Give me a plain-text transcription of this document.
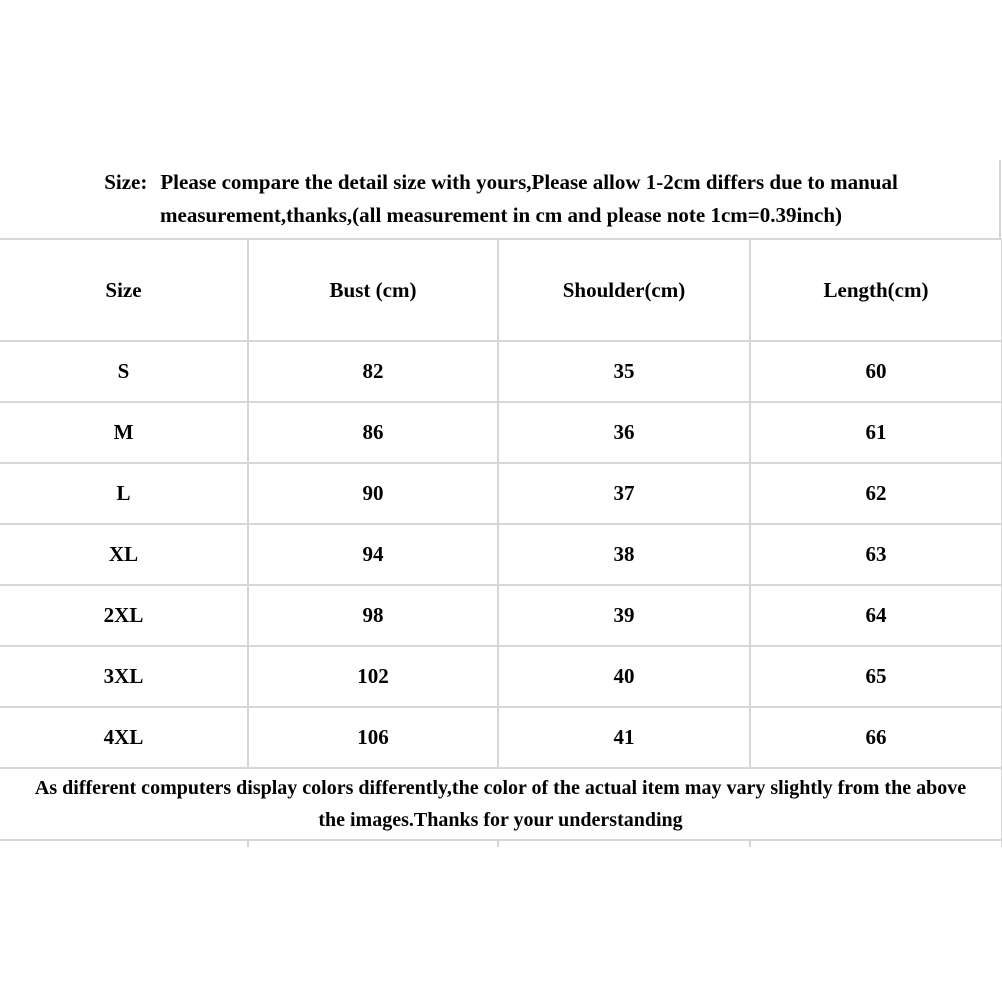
Size: Please compare the detail size with yours,Please allow 1-2cm differs due to manual
measurement,thanks,(all measurement in cm and please note 1cm=0.39inch)
Size	Bust (cm)	Shoulder(cm)	Length(cm)
S	82	35	60
M	86	36	61
L	90	37	62
XL	94	38	63
2XL	98	39	64
3XL	102	40	65
4XL	106	41	66

As different computers display colors differently,the color of the actual item may vary slightly from the above
the images.Thanks for your understanding			
